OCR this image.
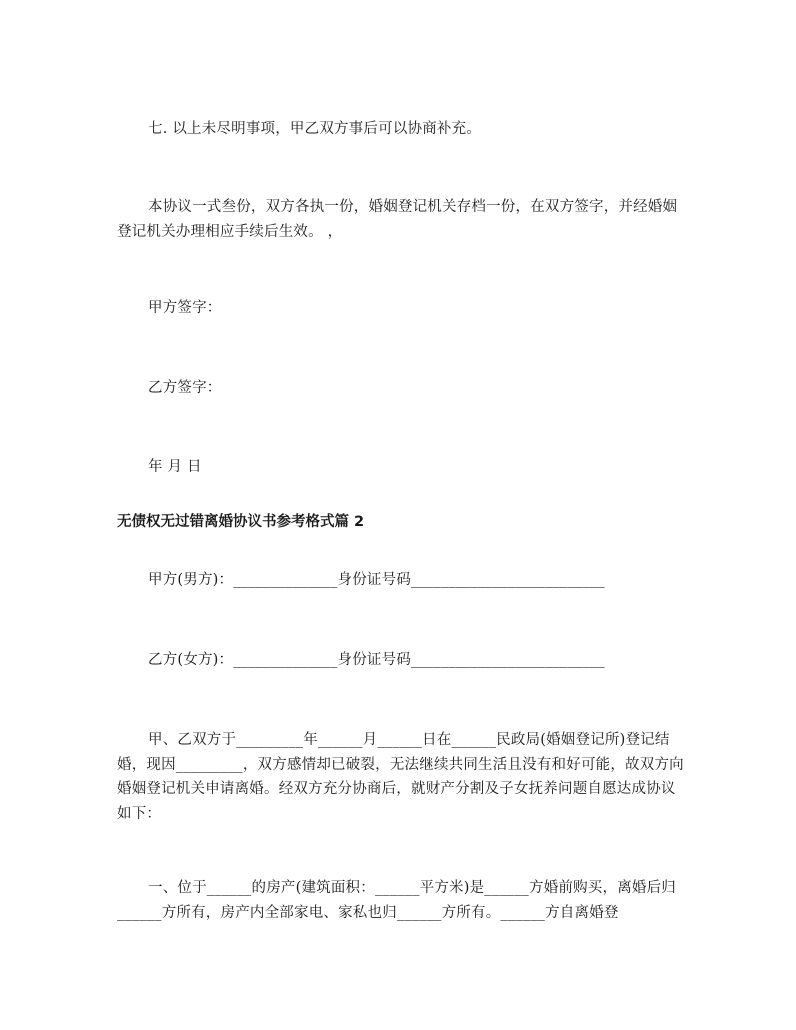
七. 以上未尽明事项，甲乙双方事后可以协商补充。
本协议一式叁份，双方各执一份，婚姻登记机关存档一份，在双方签字，并经婚姻登记机关办理相应手续后生效。 ，
甲方签字：
乙方签字：
年 月 日
无债权无过错离婚协议书参考格式篇 2
甲方(男方)：______________身份证号码__________________________
乙方(女方)：______________身份证号码__________________________
甲、乙双方于_________年______月______日在______民政局(婚姻登记所)登记结婚，现因_________，双方感情却已破裂，无法继续共同生活且没有和好可能，故双方向婚姻登记机关申请离婚。经双方充分协商后，就财产分割及子女抚养问题自愿达成协议如下：
一、位于______的房产(建筑面积：______平方米)是______方婚前购买，离婚后归______方所有，房产内全部家电、家私也归______方所有。______方自离婚登
